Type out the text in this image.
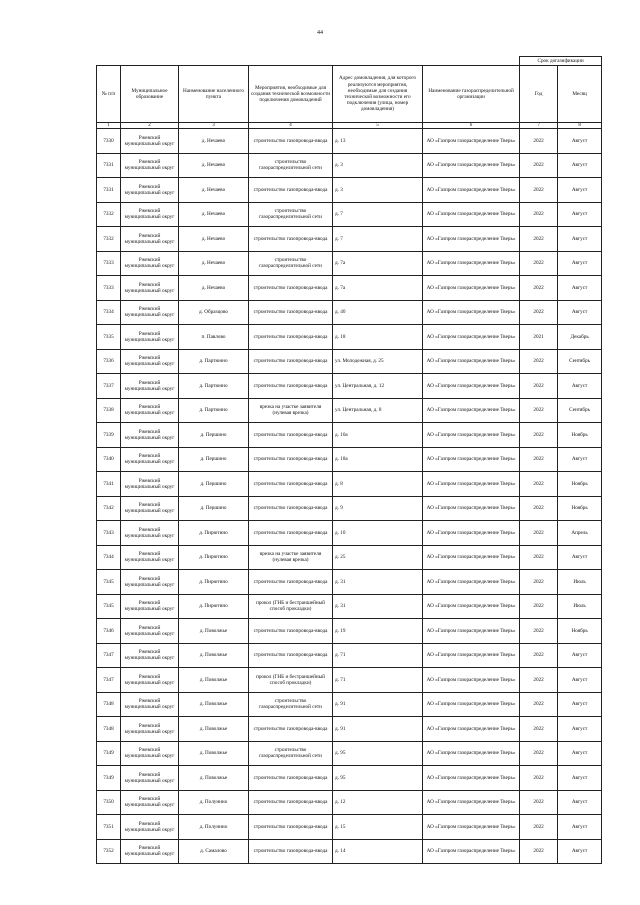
44
						Срок догазификации	
№ п/п	Муниципальное образование	Наименование населенного пункта	Мероприятия, необходимые для создания технической возможности подключения домовладений	Адрес домовладения, для которого реализуются мероприятия, необходимые для создания технической возможности его подключения (улица, номер домовладения)	Наименование газораспределительной организации	Год	Месяц
1	2	3	4	5	6	7	8
7330	Ржевский муниципальный округ	д. Нечаево	строительство газопровода-ввода	д. 13	АО «Газпром газораспределение Тверь»	2022	Август
7331	Ржевский муниципальный округ	д. Нечаево	строительство газораспределительной сети	д. 3	АО «Газпром газораспределение Тверь»	2022	Август
7331	Ржевский муниципальный округ	д. Нечаево	строительство газопровода-ввода	д. 3	АО «Газпром газораспределение Тверь»	2022	Август
7332	Ржевский муниципальный округ	д. Нечаево	строительство газораспределительной сети	д. 7	АО «Газпром газораспределение Тверь»	2022	Август
7332	Ржевский муниципальный округ	д. Нечаево	строительство газопровода-ввода	д. 7	АО «Газпром газораспределение Тверь»	2022	Август
7333	Ржевский муниципальный округ	д. Нечаево	строительство газораспределительной сети	д. 7а	АО «Газпром газораспределение Тверь»	2022	Август
7333	Ржевский муниципальный округ	д. Нечаево	строительство газопровода-ввода	д. 7а	АО «Газпром газораспределение Тверь»	2022	Август
7334	Ржевский муниципальный округ	д. Образцово	строительство газопровода-ввода	д. 40	АО «Газпром газораспределение Тверь»	2022	Август
7335	Ржевский муниципальный округ	п. Павлово	строительство газопровода-ввода	д. 18	АО «Газпром газораспределение Тверь»	2021	Декабрь
7336	Ржевский муниципальный округ	д. Партюино	строительство газопровода-ввода	ул. Молодежная, д. 25	АО «Газпром газораспределение Тверь»	2022	Сентябрь
7337	Ржевский муниципальный округ	д. Партюино	строительство газопровода-ввода	ул. Центральная, д. 12	АО «Газпром газораспределение Тверь»	2022	Август
7338	Ржевский муниципальный округ	д. Партюино	врезка на участке заявителя (нулевая врезка)	ул. Центральная, д. 8	АО «Газпром газораспределение Тверь»	2022	Сентябрь
7339	Ржевский муниципальный округ	д. Першино	строительство газопровода-ввода	д. 10а	АО «Газпром газораспределение Тверь»	2022	Ноябрь
7340	Ржевский муниципальный округ	д. Першино	строительство газопровода-ввода	д. 18а	АО «Газпром газораспределение Тверь»	2022	Август
7341	Ржевский муниципальный округ	д. Першино	строительство газопровода-ввода	д. 8	АО «Газпром газораспределение Тверь»	2022	Ноябрь
7342	Ржевский муниципальный округ	д. Першино	строительство газопровода-ввода	д. 9	АО «Газпром газораспределение Тверь»	2022	Ноябрь
7343	Ржевский муниципальный округ	д. Пирютино	строительство газопровода-ввода	д. 10	АО «Газпром газораспределение Тверь»	2022	Апрель
7344	Ржевский муниципальный округ	д. Пирютино	врезка на участке заявителя (нулевая врезка)	д. 25	АО «Газпром газораспределение Тверь»	2022	Август
7345	Ржевский муниципальный округ	д. Пирютино	строительство газопровода-ввода	д. 31	АО «Газпром газораспределение Тверь»	2022	Июль
7345	Ржевский муниципальный округ	д. Пирютино	прокол (ГНБ и бестраншейный способ прокладки)	д. 31	АО «Газпром газораспределение Тверь»	2022	Июль
7346	Ржевский муниципальный округ	д. Поволжье	строительство газопровода-ввода	д. 19	АО «Газпром газораспределение Тверь»	2022	Ноябрь
7347	Ржевский муниципальный округ	д. Поволжье	строительство газопровода-ввода	д. 71	АО «Газпром газораспределение Тверь»	2022	Август
7347	Ржевский муниципальный округ	д. Поволжье	прокол (ГНБ и бестраншейный способ прокладки)	д. 71	АО «Газпром газораспределение Тверь»	2022	Август
7348	Ржевский муниципальный округ	д. Поволжье	строительство газораспределительной сети	д. 91	АО «Газпром газораспределение Тверь»	2022	Август
7348	Ржевский муниципальный округ	д. Поволжье	строительство газопровода-ввода	д. 91	АО «Газпром газораспределение Тверь»	2022	Август
7349	Ржевский муниципальный округ	д. Поволжье	строительство газораспределительной сети	д. 95	АО «Газпром газораспределение Тверь»	2022	Август
7349	Ржевский муниципальный округ	д. Поволжье	строительство газопровода-ввода	д. 95	АО «Газпром газораспределение Тверь»	2022	Август
7350	Ржевский муниципальный округ	д. Полунино	строительство газопровода-ввода	д. 12	АО «Газпром газораспределение Тверь»	2022	Август
7351	Ржевский муниципальный округ	д. Полунино	строительство газопровода-ввода	д. 15	АО «Газпром газораспределение Тверь»	2022	Август
7352	Ржевский муниципальный округ	д. Самалово	строительство газопровода-ввода	д. 14	АО «Газпром газораспределение Тверь»	2022	Август
